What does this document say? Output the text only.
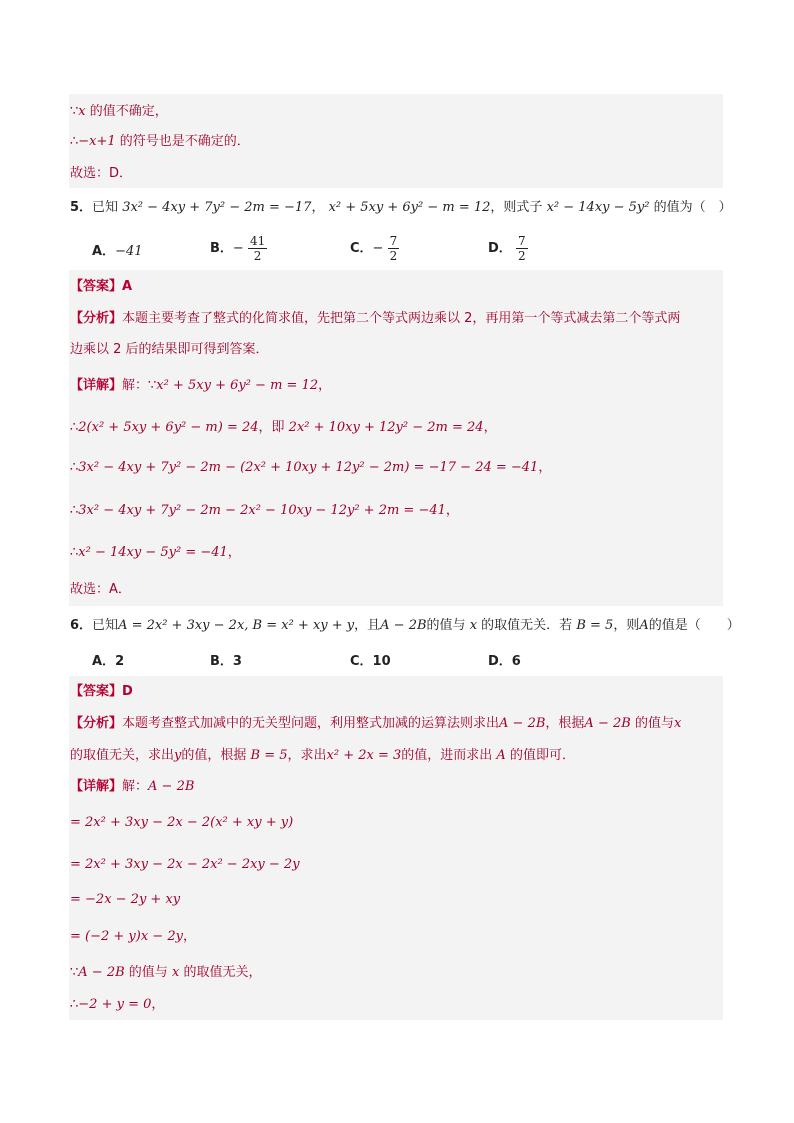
∵x 的值不确定，
∴−x+1 的符号也是不确定的．
故选：D．
5．已知 3x² − 4xy + 7y² − 2m = −17， x² + 5xy + 6y² − m = 12，则式子 x² − 14xy − 5y² 的值为（　）
A．−41	B．− $\frac{41}{2}$	C．− $\frac{7}{2}$	D． $\frac{7}{2}$
【答案】A
【分析】本题主要考查了整式的化简求值，先把第二个等式两边乘以 2，再用第一个等式减去第二个等式两
边乘以 2 后的结果即可得到答案．
【详解】解：∵x² + 5xy + 6y² − m = 12，
∴2(x² + 5xy + 6y² − m) = 24，即 2x² + 10xy + 12y² − 2m = 24，
∴3x² − 4xy + 7y² − 2m − (2x² + 10xy + 12y² − 2m) = −17 − 24 = −41，
∴3x² − 4xy + 7y² − 2m − 2x² − 10xy − 12y² + 2m = −41，
∴x² − 14xy − 5y² = −41，
故选：A．
6．已知A = 2x² + 3xy − 2x, B = x² + xy + y，且A − 2B的值与 x 的取值无关．若 B = 5，则A的值是（　　）
A．2	B．3	C．10	D．6
【答案】D
【分析】本题考查整式加减中的无关型问题，利用整式加减的运算法则求出A − 2B，根据A − 2B 的值与x
的取值无关，求出y的值，根据 B = 5，求出x² + 2x = 3的值，进而求出 A 的值即可．
【详解】解：A − 2B
= 2x² + 3xy − 2x − 2(x² + xy + y)
= 2x² + 3xy − 2x − 2x² − 2xy − 2y
= −2x − 2y + xy
= (−2 + y)x − 2y，
∵A − 2B 的值与 x 的取值无关，
∴−2 + y = 0，
